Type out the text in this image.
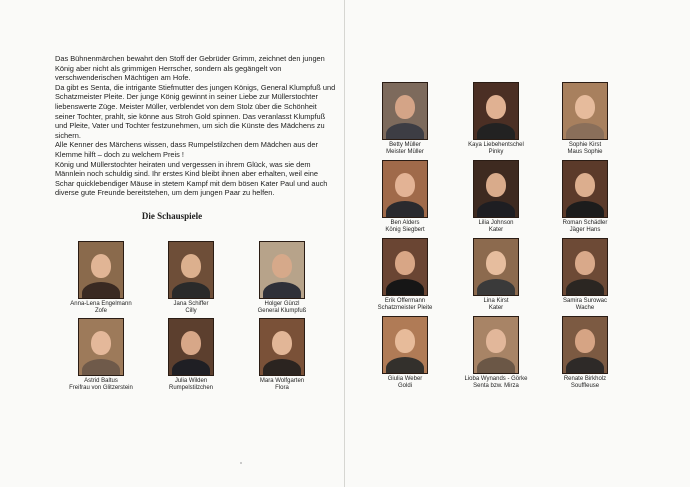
Das Bühnenmärchen bewahrt den Stoff der Gebrüder Grimm, zeichnet den jungen König aber nicht als grimmigen Herrscher, sondern als gegängelt von verschwenderischen Mächtigen am Hofe.

Da gibt es Senta, die intrigante Stiefmutter des jungen Königs, General Klumpfuß und Schatzmeister Pleite. Der junge König gewinnt in seiner Liebe zur Müllerstochter liebenswerte Züge. Meister Müller, verblendet von dem Stolz über die Schönheit seiner Tochter, prahlt, sie könne aus Stroh Gold spinnen. Das veranlasst Klumpfuß und Pleite, Vater und Tochter festzunehmen, um sich die Künste des Mädchens zu sichern.

Alle Kenner des Märchens wissen, dass Rumpelstilzchen dem Mädchen aus der Klemme hilft – doch zu welchem Preis !

König und Müllerstochter heiraten und vergessen in ihrem Glück, was sie dem Männlein noch schuldig sind. Ihr erstes Kind bleibt ihnen aber erhalten, weil eine Schar quicklebendiger Mäuse in stetem Kampf mit dem bösen Kater Paul und auch diverse gute Freunde bereitstehen, um dem jungen Paar zu helfen.

Die Schauspiele
Anna-Lena Engelmann
Zofe
Jana Schiffer
Cilly
Holger Günzl
General Klumpfuß
Astrid Baltus
Freifrau von Glitzerstein
Julia Wilden
Rumpelstilzchen
Mara Wolfgarten
Flora
Betty Müller
Meister Müller
Kaya Liebehentschel
Pinky
Sophie Kirst
Maus Sophie
Ben Alders
König Siegbert
Lilia Johnson
Kater
Roman Schädler
Jäger Hans
Erik Offermann
Schatzmeister Pleite
Lina Kirst
Kater
Samira Surowac
Wache
Giulia Weber
Goldi
Lioba Wynands - Görke
Senta bzw. Mirza
Renate Birkholz
Souffleuse
